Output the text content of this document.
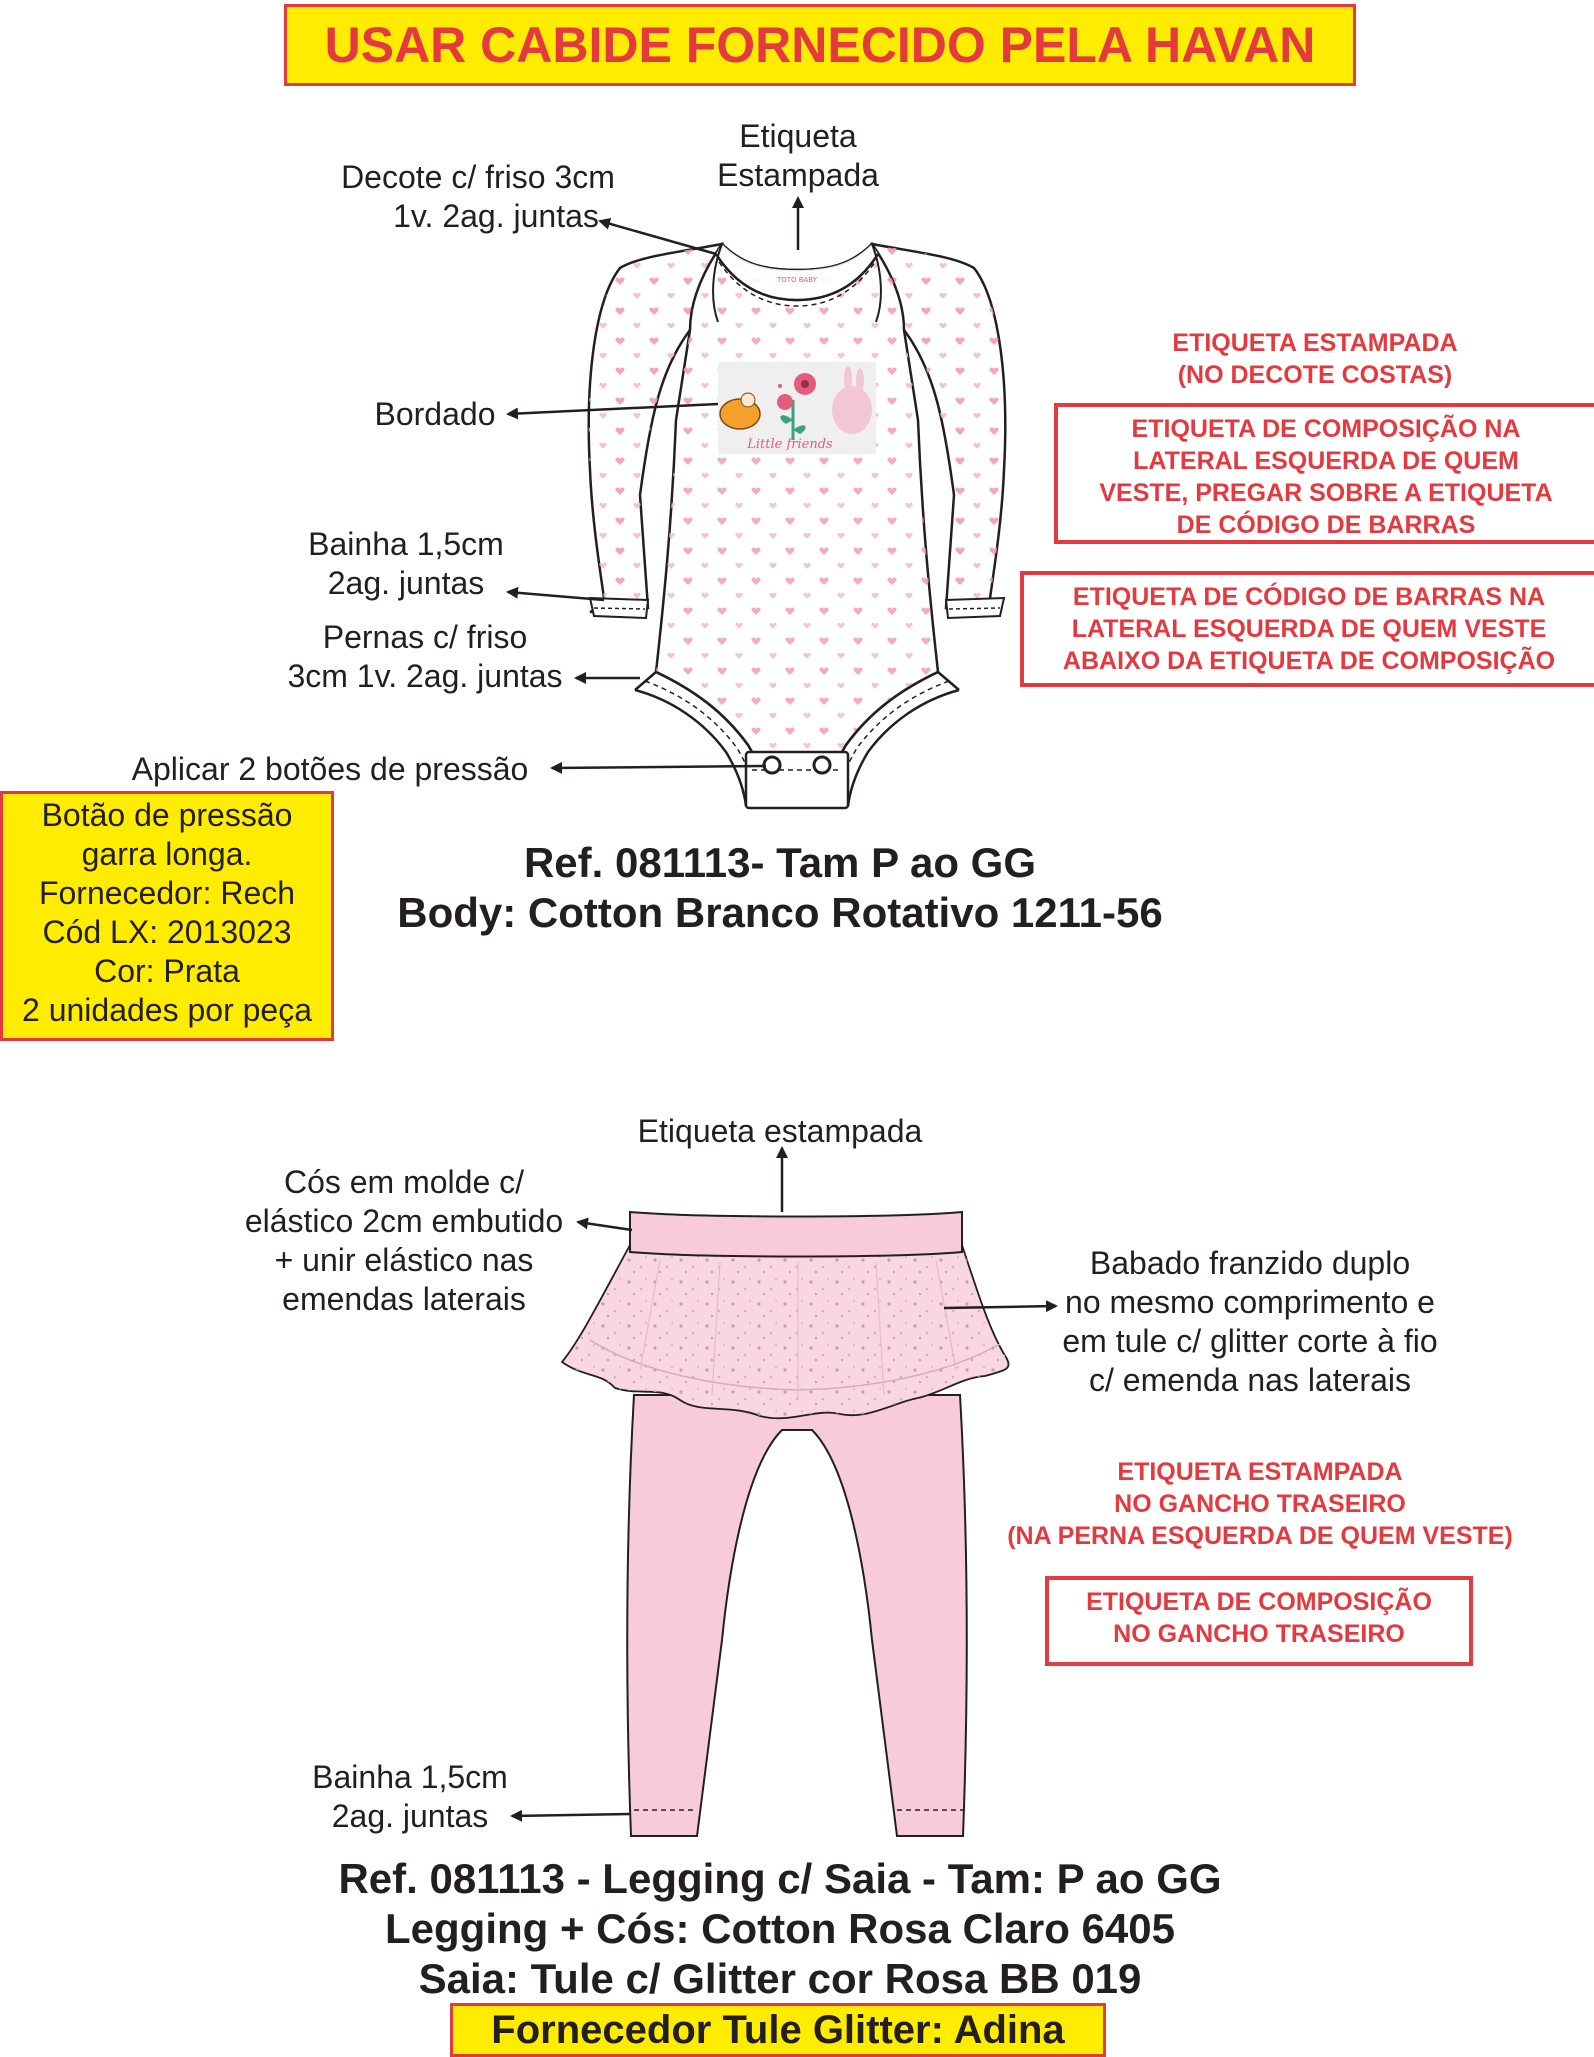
USAR CABIDE FORNECIDO PELA HAVAN
Little friends
TOTO BABY
Etiqueta
Estampada
Decote c/ friso 3cm
1v. 2ag. juntas
Bordado
Bainha 1,5cm
2ag. juntas
Pernas c/ friso
3cm 1v. 2ag. juntas
Aplicar 2 botões de pressão
Botão de pressão
garra longa.
Fornecedor: Rech
Cód LX: 2013023
Cor: Prata
2 unidades por peça
ETIQUETA ESTAMPADA
(NO DECOTE COSTAS)
ETIQUETA DE COMPOSIÇÃO NA
LATERAL ESQUERDA DE QUEM
VESTE, PREGAR SOBRE A ETIQUETA
DE CÓDIGO DE BARRAS
ETIQUETA DE CÓDIGO DE BARRAS NA
LATERAL ESQUERDA DE QUEM VESTE
ABAIXO DA ETIQUETA DE COMPOSIÇÃO
Ref. 081113- Tam P ao GG
Body: Cotton Branco Rotativo 1211-56
Etiqueta estampada
Cós em molde c/
elástico 2cm embutido
+ unir elástico nas
emendas laterais
Babado franzido duplo
no mesmo comprimento e
em tule c/ glitter corte à fio
c/ emenda nas laterais
ETIQUETA ESTAMPADA
NO GANCHO TRASEIRO
(NA PERNA ESQUERDA DE QUEM VESTE)
ETIQUETA DE COMPOSIÇÃO
NO GANCHO TRASEIRO
Bainha 1,5cm
2ag. juntas
Ref. 081113 - Legging c/ Saia - Tam: P ao GG
Legging + Cós: Cotton Rosa Claro 6405
Saia: Tule c/ Glitter cor Rosa BB 019
Fornecedor Tule Glitter: Adina
